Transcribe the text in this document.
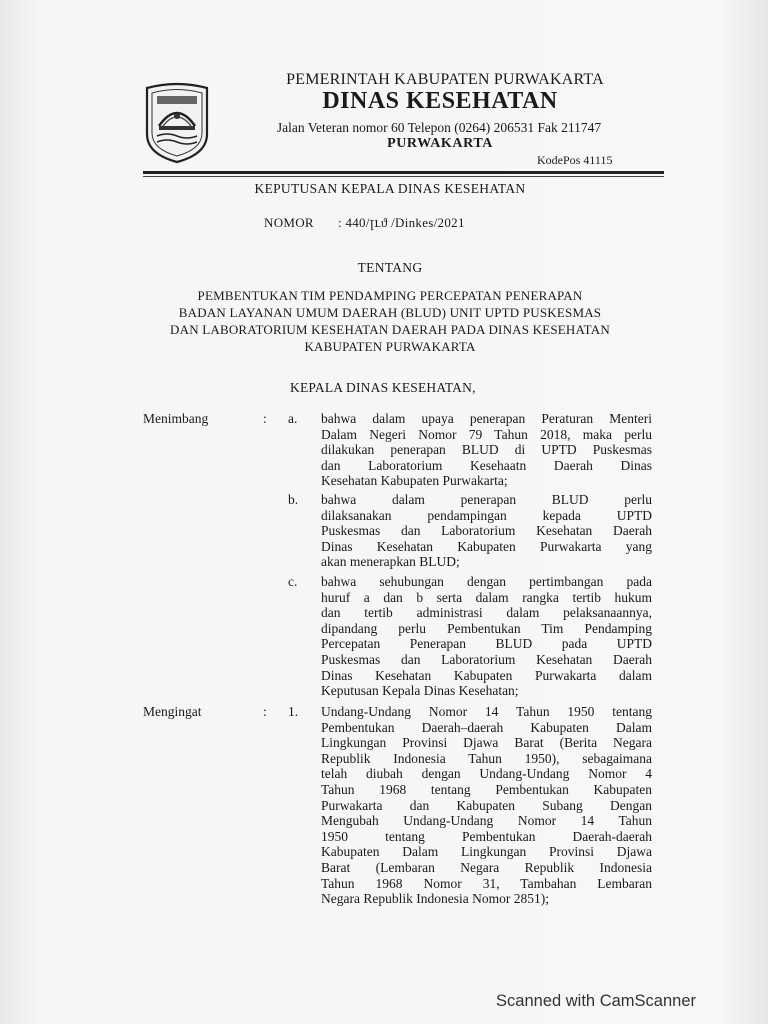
PEMERINTAH KABUPATEN PURWAKARTA
DINAS KESEHATAN
Jalan Veteran nomor 60 Telepon (0264) 206531 Fak 211747
PURWAKARTA
KodePos 41115
KEPUTUSAN KEPALA DINAS KESEHATAN
NOMOR : 440/ꞁւϑ /Dinkes/2021
TENTANG
PEMBENTUKAN TIM PENDAMPING PERCEPATAN PENERAPAN
BADAN LAYANAN UMUM DAERAH (BLUD) UNIT UPTD PUSKESMAS
DAN LABORATORIUM KESEHATAN DAERAH PADA DINAS KESEHATAN
KABUPATEN PURWAKARTA
KEPALA DINAS KESEHATAN,
Menimbang	: a. bahwa dalam upaya penerapan Peraturan Menteri
Dalam Negeri Nomor 79 Tahun 2018, maka perlu
dilakukan penerapan BLUD di UPTD Puskesmas
dan Laboratorium Kesehaatn Daerah Dinas
Kesehatan Kabupaten Purwakarta;
b. bahwa dalam penerapan BLUD perlu
dilaksanakan pendampingan kepada UPTD
Puskesmas dan Laboratorium Kesehatan Daerah
Dinas Kesehatan Kabupaten Purwakarta yang
akan menerapkan BLUD;
c. bahwa sehubungan dengan pertimbangan pada
huruf a dan b serta dalam rangka tertib hukum
dan tertib administrasi dalam pelaksanaannya,
dipandang perlu Pembentukan Tim Pendamping
Percepatan Penerapan BLUD pada UPTD
Puskesmas dan Laboratorium Kesehatan Daerah
Dinas Kesehatan Kabupaten Purwakarta dalam
Keputusan Kepala Dinas Kesehatan;
Mengingat	: 1. Undang-Undang Nomor 14 Tahun 1950 tentang
Pembentukan Daerah–daerah Kabupaten Dalam
Lingkungan Provinsi Djawa Barat (Berita Negara
Republik Indonesia Tahun 1950), sebagaimana
telah diubah dengan Undang-Undang Nomor 4
Tahun 1968 tentang Pembentukan Kabupaten
Purwakarta dan Kabupaten Subang Dengan
Mengubah Undang-Undang Nomor 14 Tahun
1950 tentang Pembentukan Daerah-daerah
Kabupaten Dalam Lingkungan Provinsi Djawa
Barat (Lembaran Negara Republik Indonesia
Tahun 1968 Nomor 31, Tambahan Lembaran
Negara Republik Indonesia Nomor 2851);
Scanned with CamScanner
